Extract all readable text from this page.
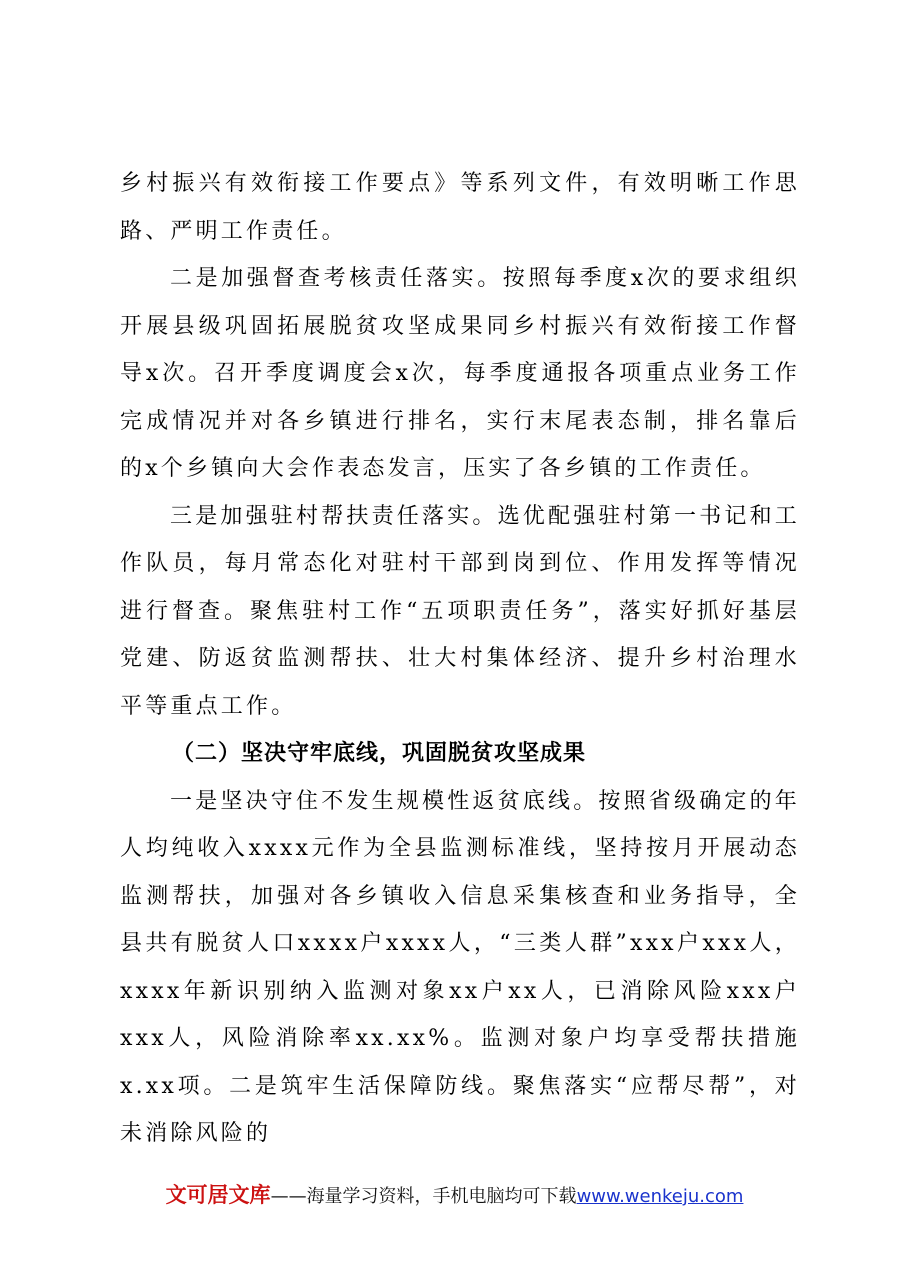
乡村振兴有效衔接工作要点》等系列文件，有效明晰工作思路、严明工作责任。

二是加强督查考核责任落实。按照每季度x次的要求组织开展县级巩固拓展脱贫攻坚成果同乡村振兴有效衔接工作督导x次。召开季度调度会x次，每季度通报各项重点业务工作完成情况并对各乡镇进行排名，实行末尾表态制，排名靠后的x个乡镇向大会作表态发言，压实了各乡镇的工作责任。

三是加强驻村帮扶责任落实。选优配强驻村第一书记和工作队员，每月常态化对驻村干部到岗到位、作用发挥等情况进行督查。聚焦驻村工作“五项职责任务”，落实好抓好基层党建、防返贫监测帮扶、壮大村集体经济、提升乡村治理水平等重点工作。

（二）坚决守牢底线，巩固脱贫攻坚成果

一是坚决守住不发生规模性返贫底线。按照省级确定的年人均纯收入xxxx元作为全县监测标准线，坚持按月开展动态监测帮扶，加强对各乡镇收入信息采集核查和业务指导，全县共有脱贫人口xxxx户xxxx人，“三类人群”xxx户xxx人，xxxx年新识别纳入监测对象xx户xx人，已消除风险xxx户xxx人，风险消除率xx.xx%。监测对象户均享受帮扶措施x.xx项。二是筑牢生活保障防线。聚焦落实“应帮尽帮”，对未消除风险的

文可居文库——海量学习资料，手机电脑均可下载www.wenkeju.com
